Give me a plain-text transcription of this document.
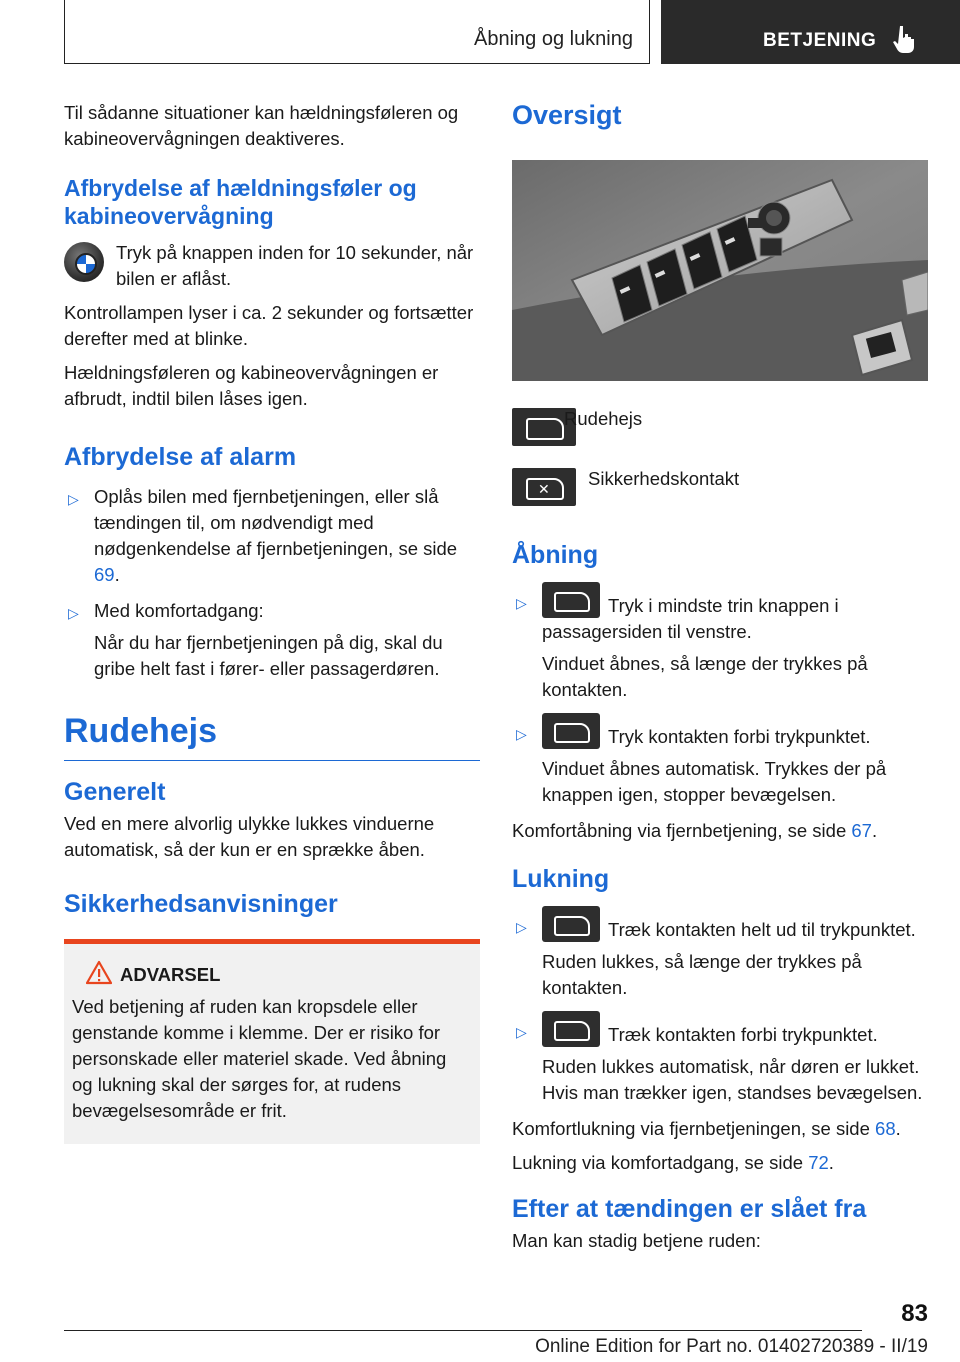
Åbning og lukning	BETJENING

Til sådanne situationer kan hældningsføleren og kabineovervågningen deaktiveres.

Afbrydelse af hældningsføler og kabineovervågning

Tryk på knappen inden for 10 sekunder, når bilen er aflåst.

Kontrollampen lyser i ca. 2 sekunder og fortsætter derefter med at blinke.

Hældningsføleren og kabineovervågningen er afbrudt, indtil bilen låses igen.

Afbrydelse af alarm
▷ Oplås bilen med fjernbetjeningen, eller slå tændingen til, om nødvendigt med nødgenkendelse af fjernbetjeningen, se side 69.
▷ Med komfortadgang:
Når du har fjernbetjeningen på dig, skal du gribe helt fast i fører- eller passagerdøren.
Rudehejs
Generelt

Ved en mere alvorlig ulykke lukkes vinduerne automatisk, så der kun er en sprække åben.

Sikkerhedsanvisninger
ADVARSEL

Ved betjening af ruden kan kropsdele eller genstande komme i klemme. Der er risiko for personskade eller materiel skade. Ved åbning og lukning skal der sørges for, at rudens bevægelsesområde er frit.

Oversigt
Rudehejs
✕
Sikkerhedskontakt
Åbning
▷	Tryk i mindste trin knappen i passagersiden til venstre.
Vinduet åbnes, så længe der trykkes på kontakten.
▷	Tryk kontakten forbi trykpunktet.
Vinduet åbnes automatisk. Trykkes der på knappen igen, stopper bevægelsen.

Komfortåbning via fjernbetjening, se side 67.

Lukning
▷	Træk kontakten helt ud til trykpunktet.
Ruden lukkes, så længe der trykkes på kontakten.
▷	Træk kontakten forbi trykpunktet.
Ruden lukkes automatisk, når døren er lukket. Hvis man trækker igen, standses bevægelsen.

Komfortlukning via fjernbetjeningen, se side 68.

Lukning via komfortadgang, se side 72.

Efter at tændingen er slået fra

Man kan stadig betjene ruden:

83
Online Edition for Part no. 01402720389 - II/19
